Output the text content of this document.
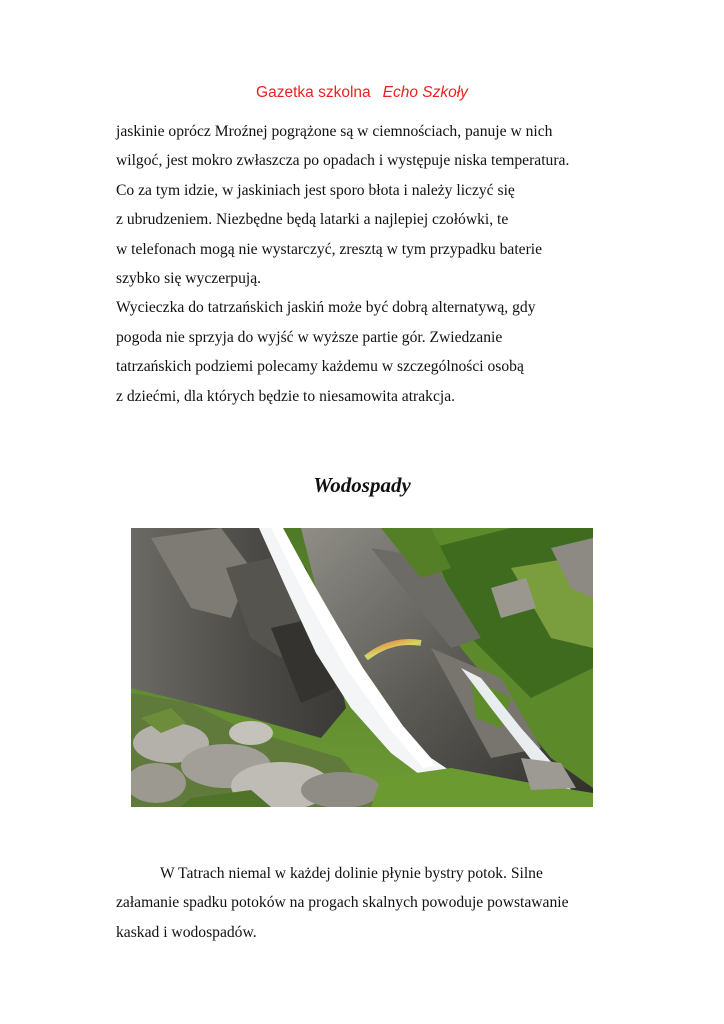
Gazetka szkolna Echo Szkoły
jaskinie oprócz Mroźnej pogrążone są w ciemnościach, panuje w nich
wilgoć, jest mokro zwłaszcza po opadach i występuje niska temperatura.
Co za tym idzie, w jaskiniach jest sporo błota i należy liczyć się
z ubrudzeniem. Niezbędne będą latarki a najlepiej czołówki, te
w telefonach mogą nie wystarczyć, zresztą w tym przypadku baterie
szybko się wyczerpują.
Wycieczka do tatrzańskich jaskiń może być dobrą alternatywą, gdy
pogoda nie sprzyja do wyjść w wyższe partie gór. Zwiedzanie
tatrzańskich podziemi polecamy każdemu w szczególności osobą
z dziećmi, dla których będzie to niesamowita atrakcja.
Wodospady
W Tatrach niemal w każdej dolinie płynie bystry potok. Silne
załamanie spadku potoków na progach skalnych powoduje powstawanie
kaskad i wodospadów.
